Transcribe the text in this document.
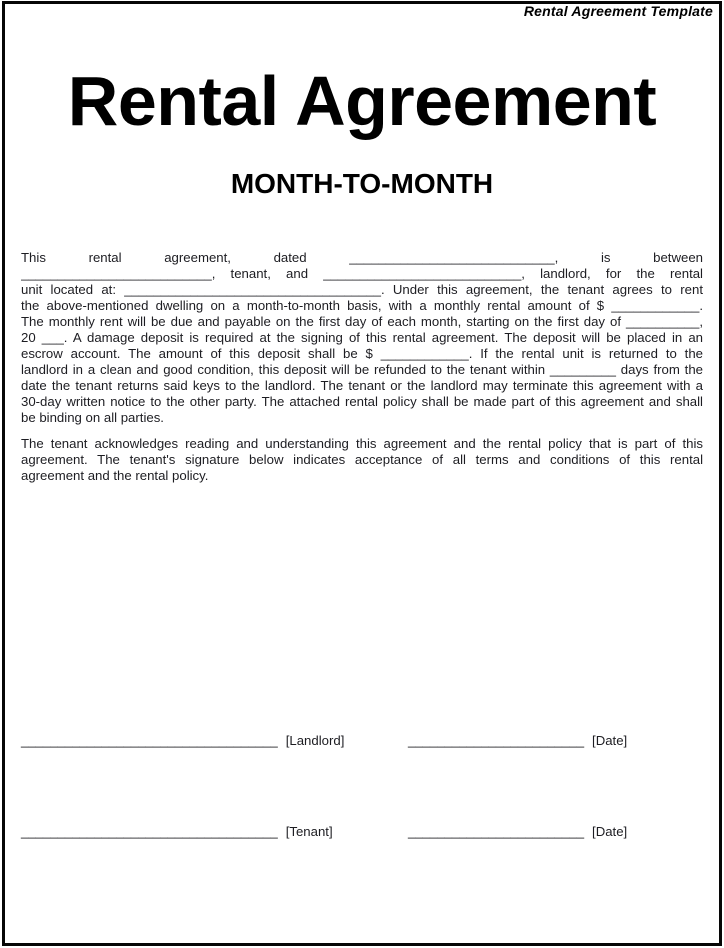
Rental Agreement Template
Rental Agreement
MONTH-TO-MONTH
This rental agreement, dated ____________________________, is between
__________________________, tenant, and ___________________________, landlord, for the rental
unit located at: ___________________________________. Under this agreement, the tenant agrees to rent
the above-mentioned dwelling on a month-to-month basis, with a monthly rental amount of $ ____________.
The monthly rent will be due and payable on the first day of each month, starting on the first day of __________,
20 ___. A damage deposit is required at the signing of this rental agreement. The deposit will be placed in an
escrow account. The amount of this deposit shall be $ ____________. If the rental unit is returned to the
landlord in a clean and good condition, this deposit will be refunded to the tenant within _________ days from the
date the tenant returns said keys to the landlord. The tenant or the landlord may terminate this agreement with a
30-day written notice to the other party. The attached rental policy shall be made part of this agreement and shall
be binding on all parties.
The tenant acknowledges reading and understanding this agreement and the rental policy that is part of this
agreement. The tenant's signature below indicates acceptance of all terms and conditions of this rental
agreement and the rental policy.
___________________________________ [Landlord]	________________________ [Date]
___________________________________ [Tenant]	________________________ [Date]
